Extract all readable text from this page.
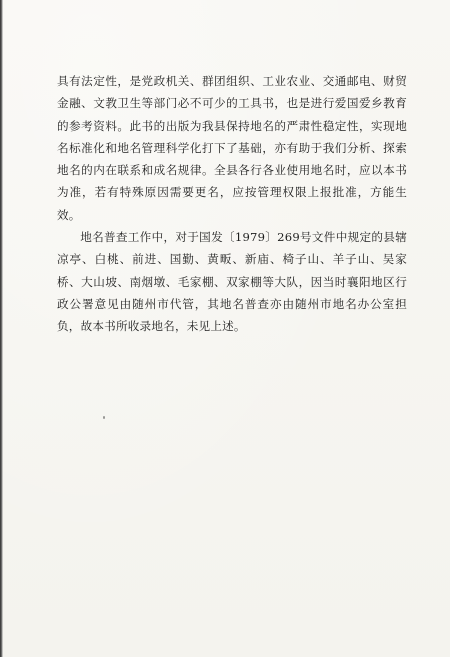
具有法定性，是党政机关、群团组织、工业农业、交通邮电、财贸金融、文教卫生等部门必不可少的工具书，也是进行爱国爱乡教育的参考资料。此书的出版为我县保持地名的严肃性稳定性，实现地名标准化和地名管理科学化打下了基础，亦有助于我们分析、探索地名的内在联系和成名规律。全县各行各业使用地名时，应以本书为准，若有特殊原因需要更名，应按管理权限上报批准，方能生效。

地名普查工作中，对于国发〔1979〕269号文件中规定的县辖凉亭、白桃、前进、国勤、黄畈、新庙、椅子山、羊子山、吴家桥、大山坡、南烟墩、毛家棚、双家棚等大队，因当时襄阳地区行政公署意见由随州市代管，其地名普查亦由随州市地名办公室担负，故本书所收录地名，未见上述。
